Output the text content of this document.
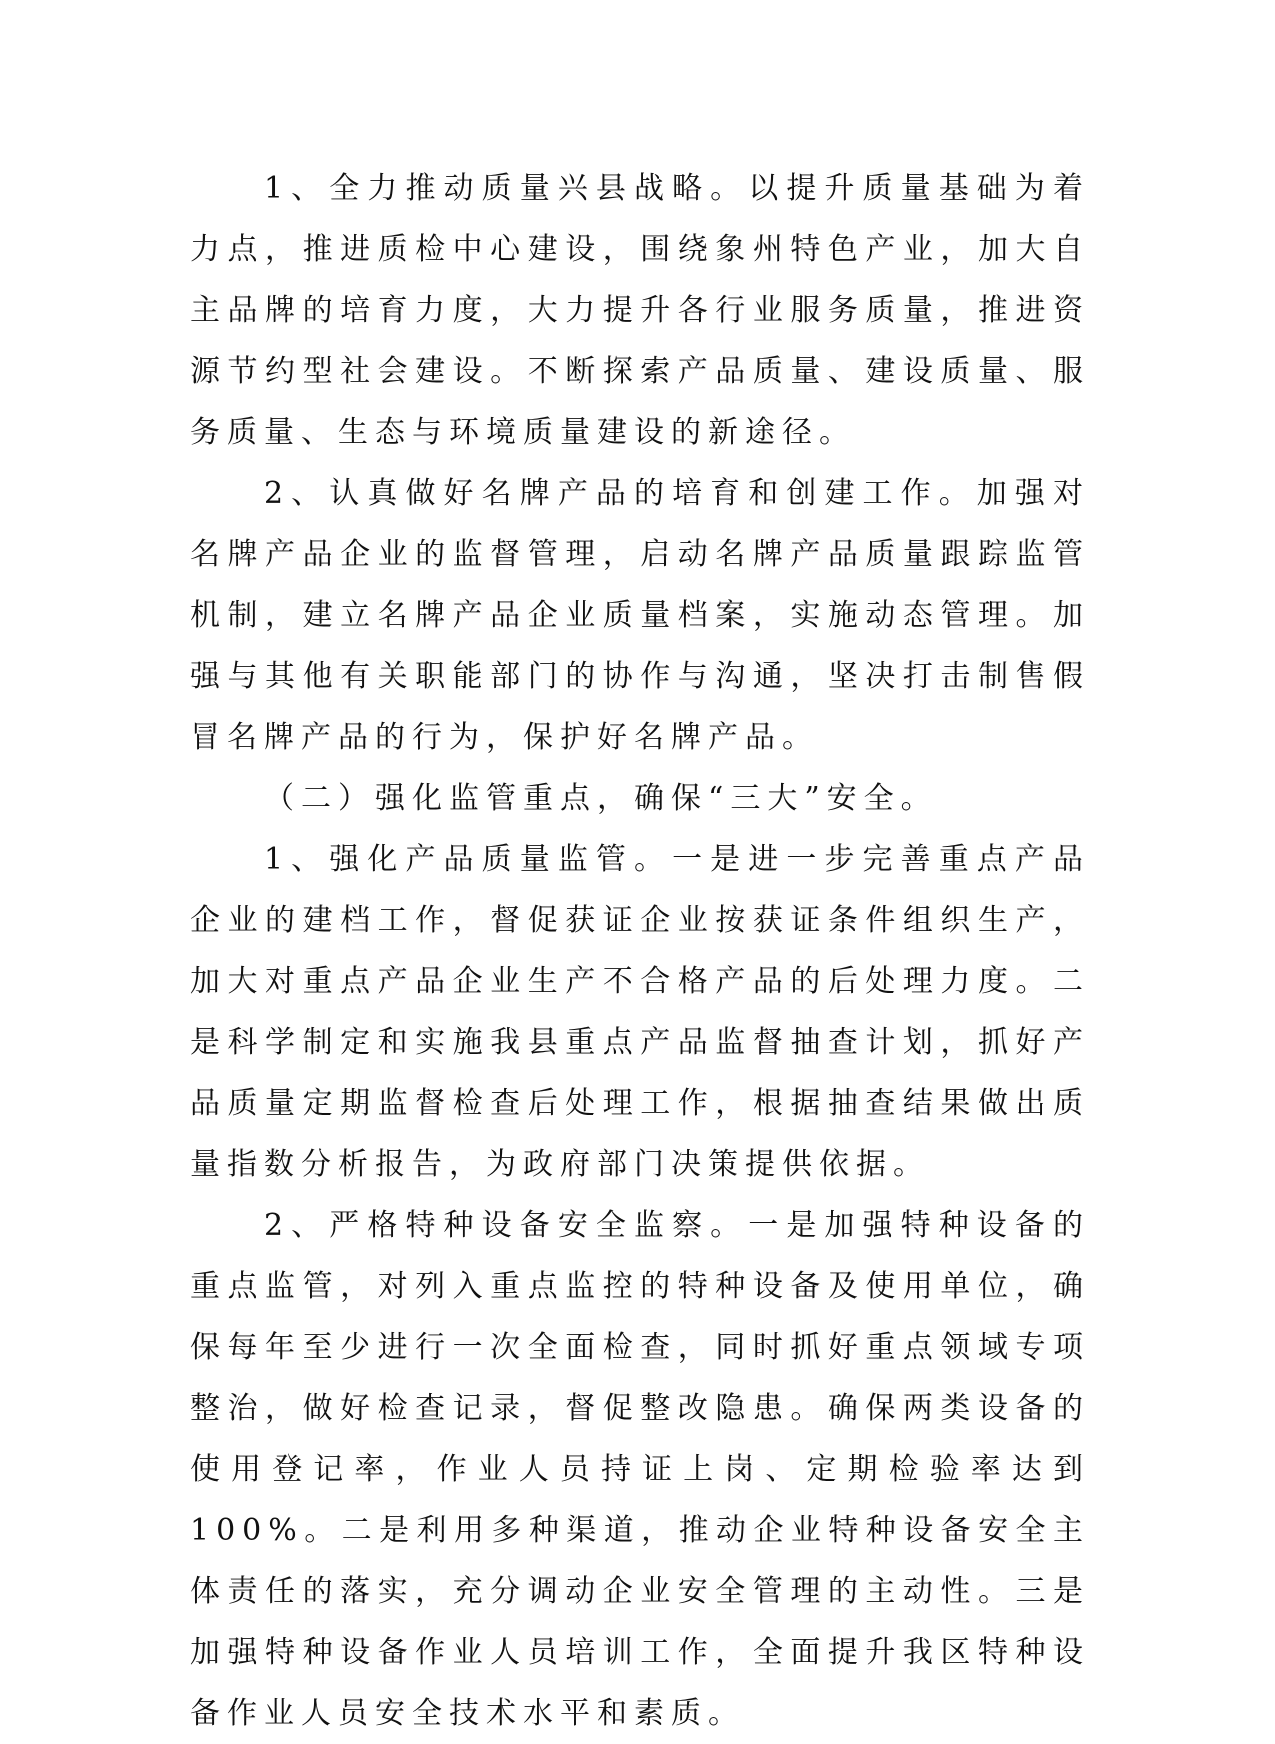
1、全力推动质量兴县战略。以提升质量基础为着力点，推进质检中心建设，围绕象州特色产业，加大自主品牌的培育力度，大力提升各行业服务质量，推进资源节约型社会建设。不断探索产品质量、建设质量、服务质量、生态与环境质量建设的新途径。

2、认真做好名牌产品的培育和创建工作。加强对名牌产品企业的监督管理，启动名牌产品质量跟踪监管机制，建立名牌产品企业质量档案，实施动态管理。加强与其他有关职能部门的协作与沟通，坚决打击制售假冒名牌产品的行为，保护好名牌产品。

（二）强化监管重点，确保“三大”安全。

1、强化产品质量监管。一是进一步完善重点产品企业的建档工作，督促获证企业按获证条件组织生产，加大对重点产品企业生产不合格产品的后处理力度。二是科学制定和实施我县重点产品监督抽查计划，抓好产品质量定期监督检查后处理工作，根据抽查结果做出质量指数分析报告，为政府部门决策提供依据。

2、严格特种设备安全监察。一是加强特种设备的重点监管，对列入重点监控的特种设备及使用单位，确保每年至少进行一次全面检查，同时抓好重点领域专项整治，做好检查记录，督促整改隐患。确保两类设备的使用登记率，作业人员持证上岗、定期检验率达到100%。二是利用多种渠道，推动企业特种设备安全主体责任的落实，充分调动企业安全管理的主动性。三是加强特种设备作业人员培训工作，全面提升我区特种设备作业人员安全技术水平和素质。
